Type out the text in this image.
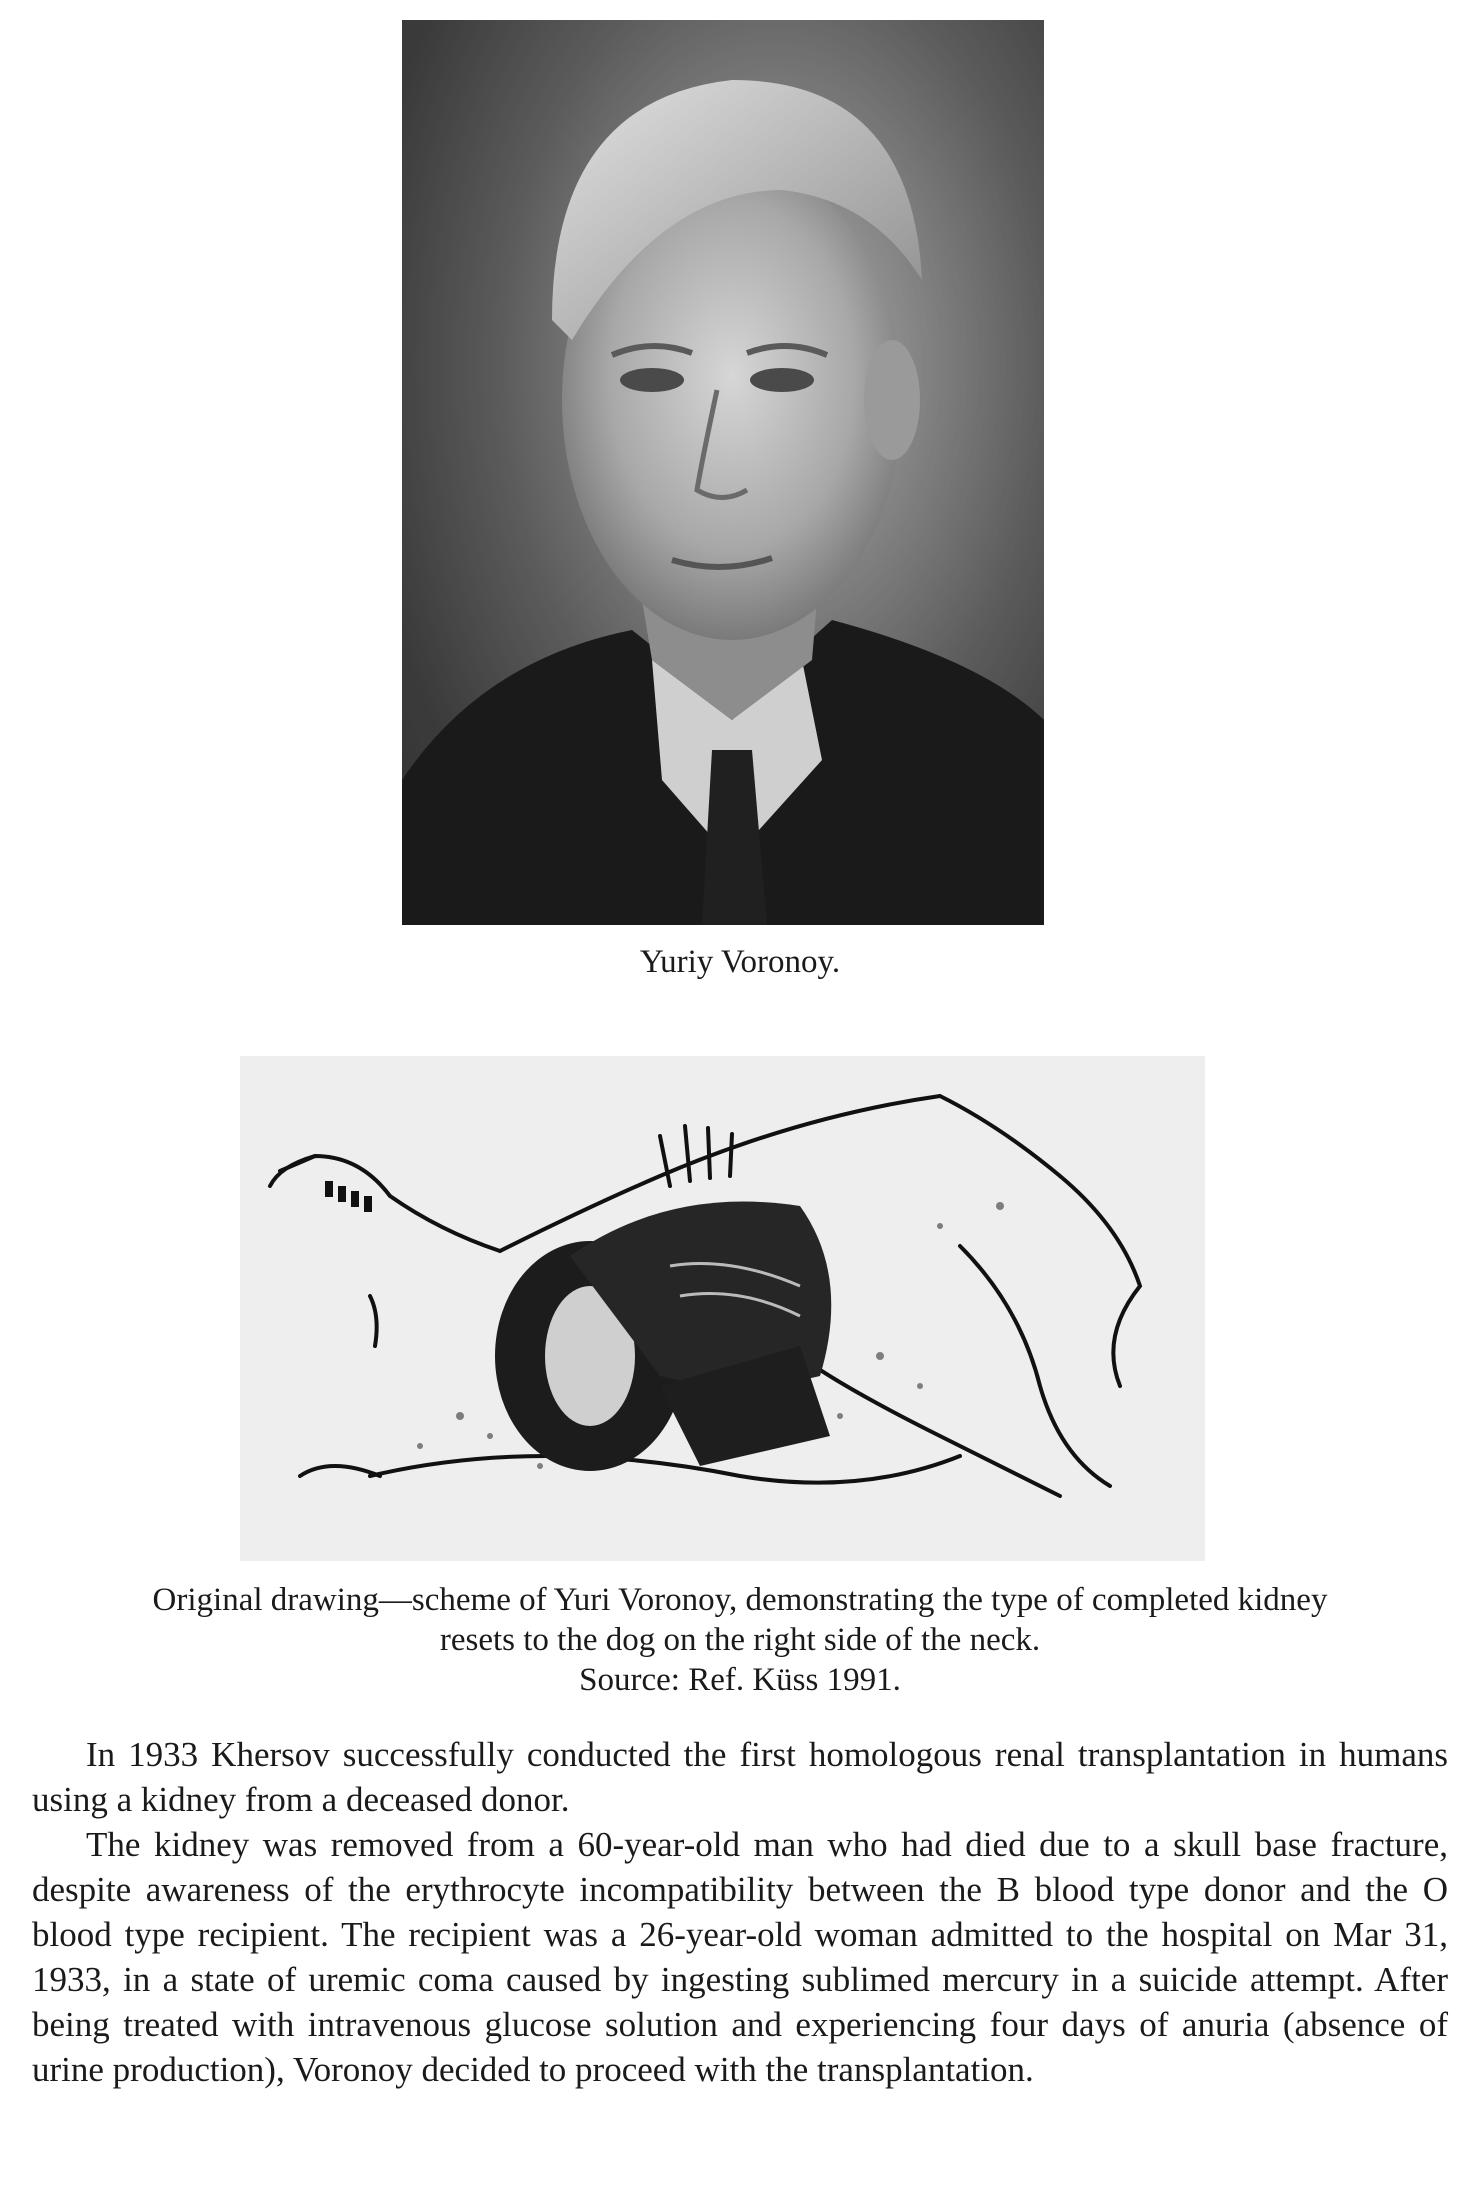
Yuriy Voronoy.

Original drawing—scheme of Yuri Voronoy, demonstrating the type of completed kidney
resets to the dog on the right side of the neck.
Source: Ref. Küss 1991.

In 1933 Khersov successfully conducted the first homologous renal transplantation in humans using a kidney from a deceased donor.

The kidney was removed from a 60-year-old man who had died due to a skull base fracture, despite awareness of the erythrocyte incompatibility between the B blood type donor and the O blood type recipient. The recipient was a 26-year-old woman admitted to the hospital on Mar 31, 1933, in a state of uremic coma caused by ingesting sublimed mercury in a suicide attempt. After being treated with intravenous glucose solution and experiencing four days of anuria (absence of urine production), Voronoy decided to proceed with the transplantation.
